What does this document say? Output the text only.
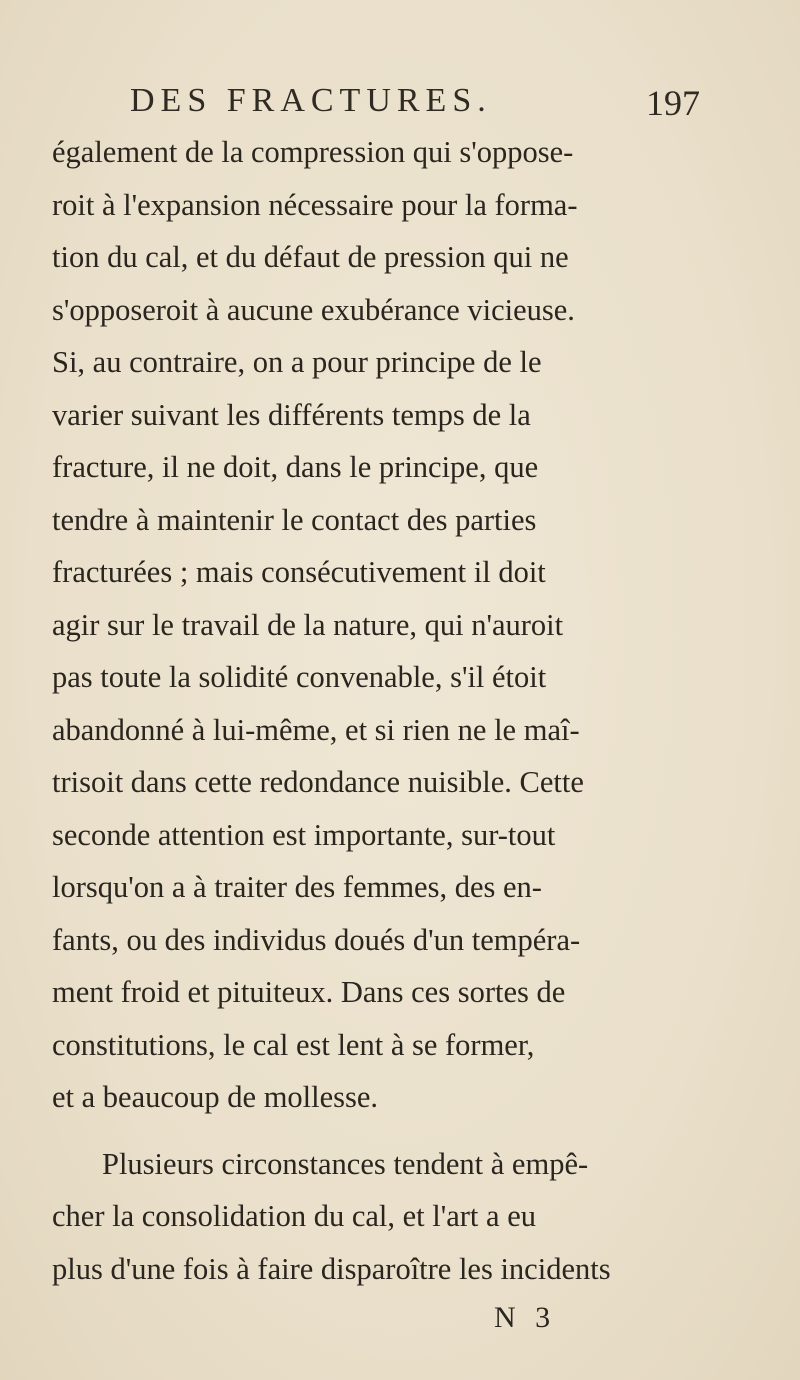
DES FRACTURES.	197
également de la compression qui s'oppose-
roit à l'expansion nécessaire pour la forma-
tion du cal, et du défaut de pression qui ne
s'opposeroit à aucune exubérance vicieuse.
Si, au contraire, on a pour principe de le
varier suivant les différents temps de la
fracture, il ne doit, dans le principe, que
tendre à maintenir le contact des parties
fracturées ; mais consécutivement il doit
agir sur le travail de la nature, qui n'auroit
pas toute la solidité convenable, s'il étoit
abandonné à lui-même, et si rien ne le maî-
trisoit dans cette redondance nuisible. Cette
seconde attention est importante, sur-tout
lorsqu'on a à traiter des femmes, des en-
fants, ou des individus doués d'un tempéra-
ment froid et pituiteux. Dans ces sortes de
constitutions, le cal est lent à se former,
et a beaucoup de mollesse.
Plusieurs circonstances tendent à empê-
cher la consolidation du cal, et l'art a eu
plus d'une fois à faire disparoître les incidents
N 3
